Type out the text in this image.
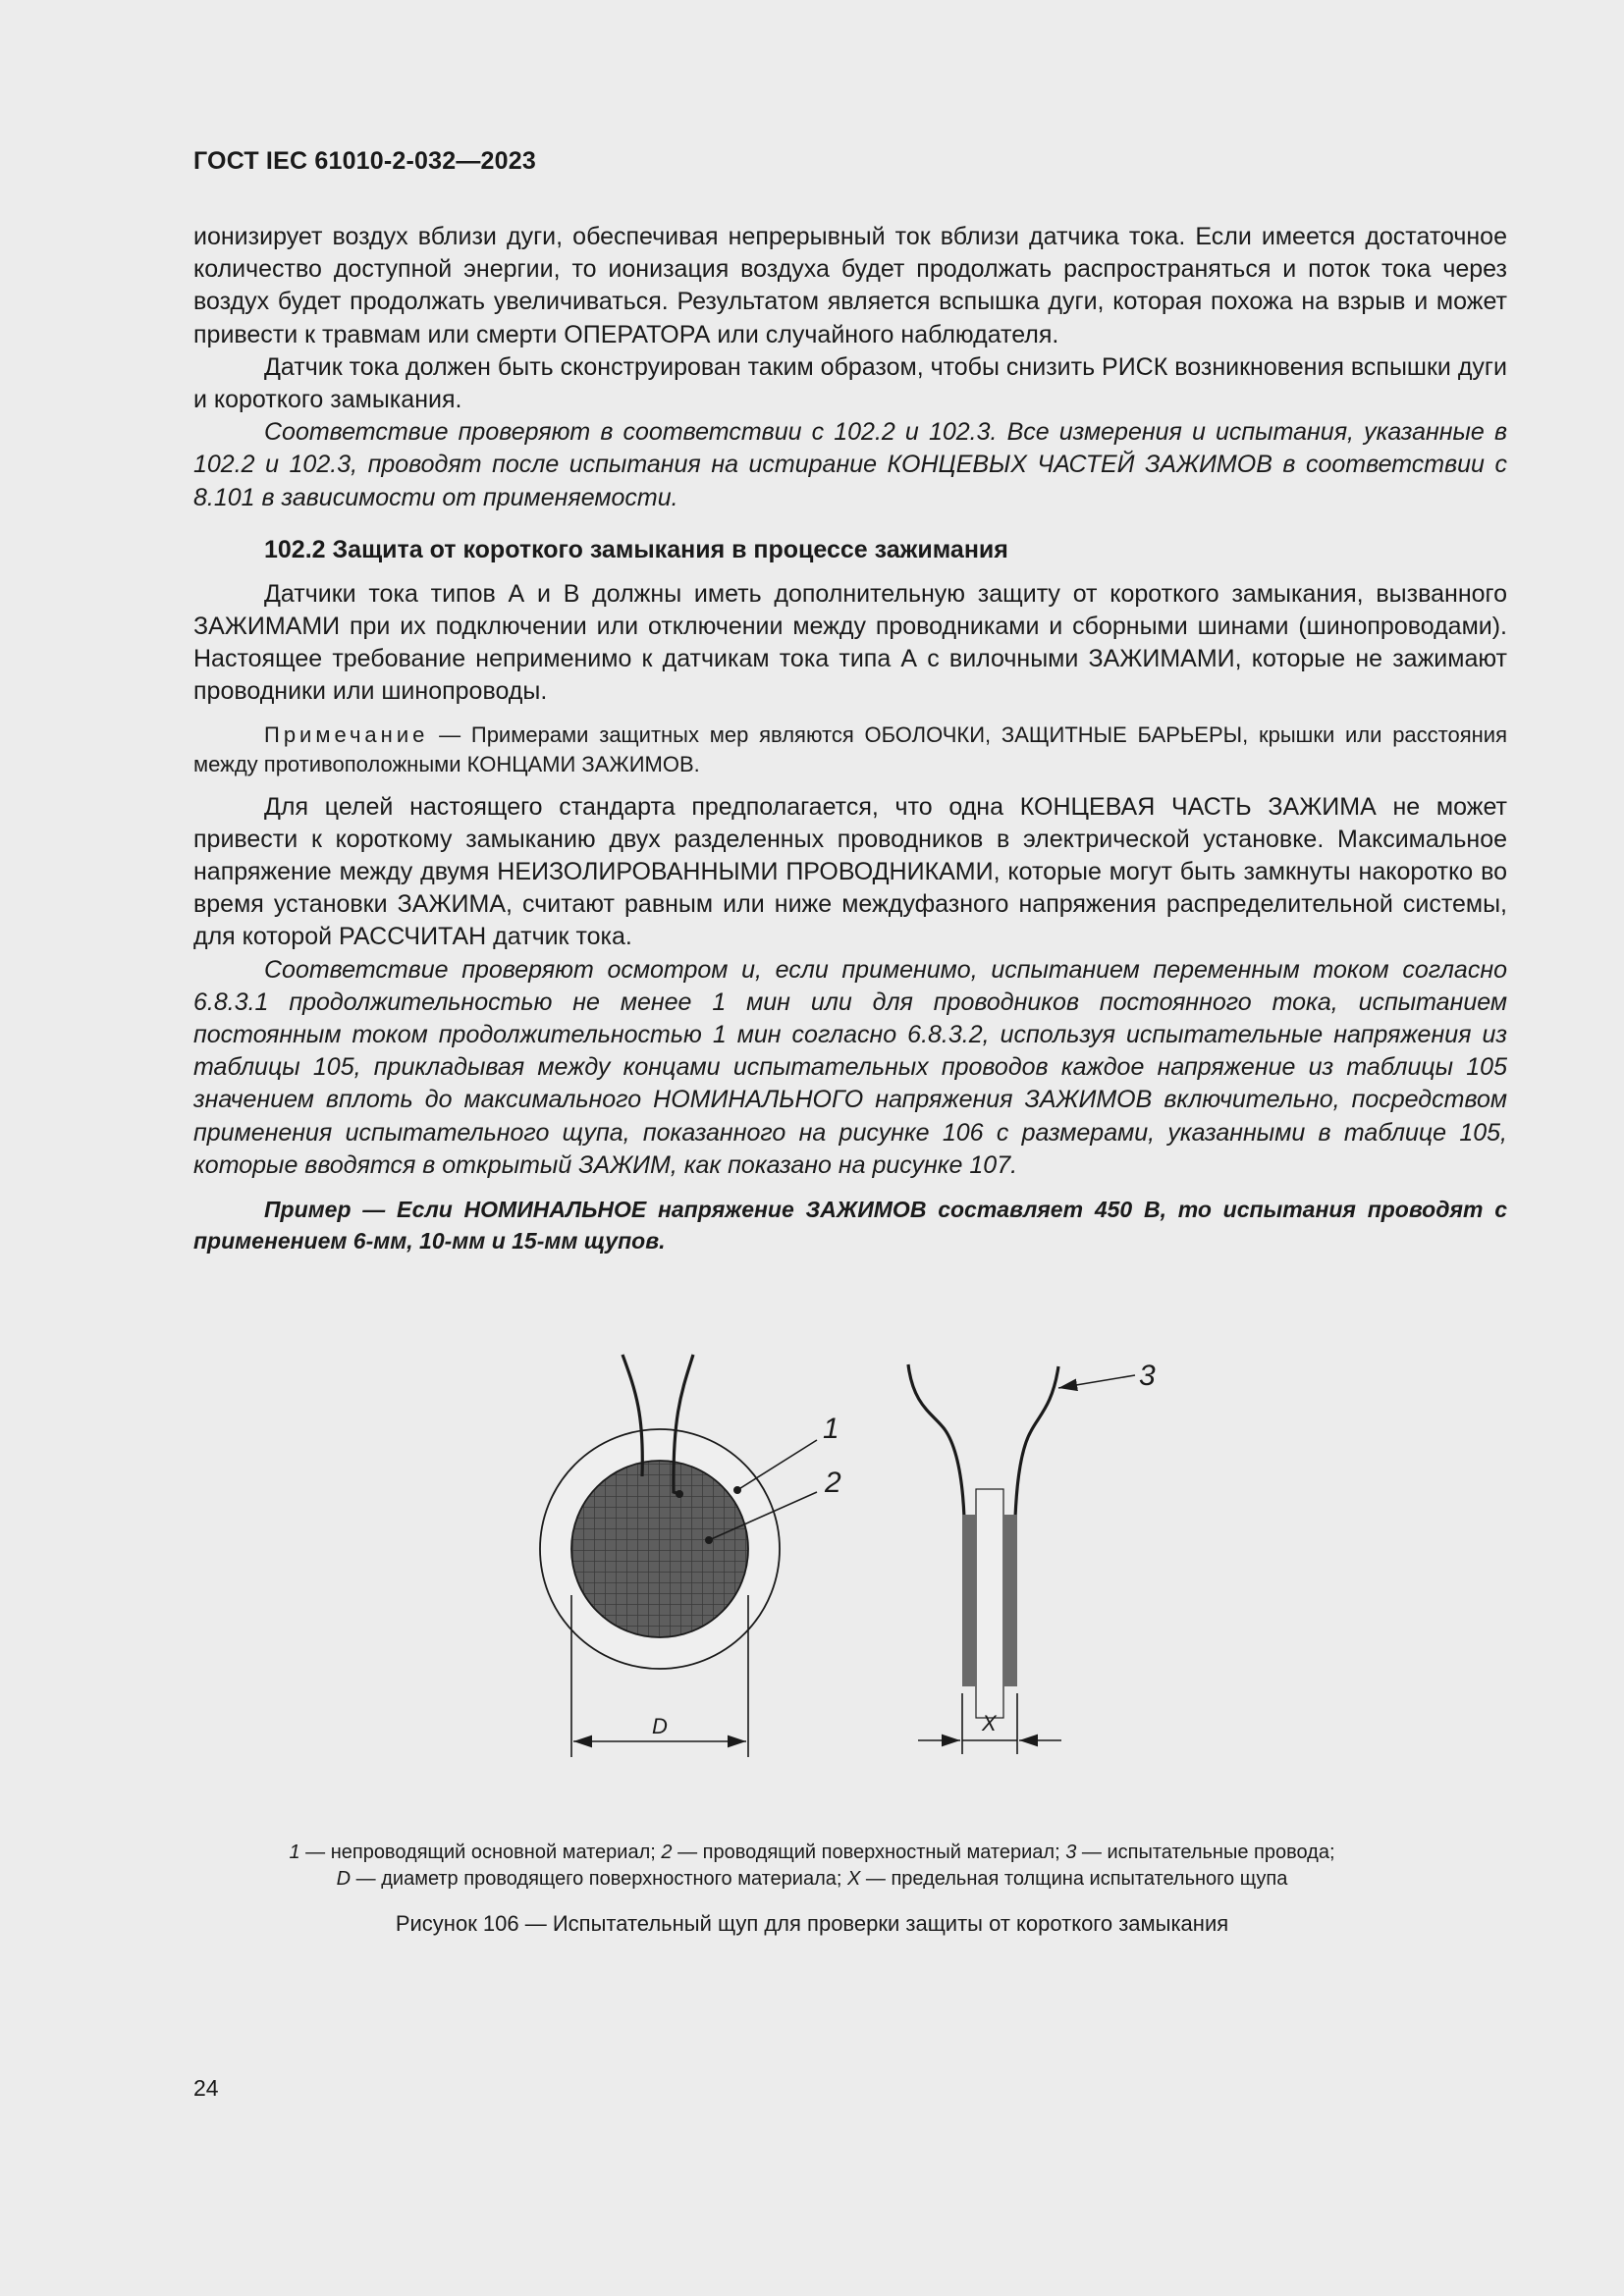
ГОСТ IEC 61010-2-032—2023

ионизирует воздух вблизи дуги, обеспечивая непрерывный ток вблизи датчика тока. Если имеется достаточное количество доступной энергии, то ионизация воздуха будет продолжать распространяться и поток тока через воздух будет продолжать увеличиваться. Результатом является вспышка дуги, которая похожа на взрыв и может привести к травмам или смерти ОПЕРАТОРА или случайного наблюдателя.

Датчик тока должен быть сконструирован таким образом, чтобы снизить РИСК возникновения вспышки дуги и короткого замыкания.

Соответствие проверяют в соответствии с 102.2 и 102.3. Все измерения и испытания, указанные в 102.2 и 102.3, проводят после испытания на истирание КОНЦЕВЫХ ЧАСТЕЙ ЗАЖИМОВ в соответствии с 8.101 в зависимости от применяемости.

102.2 Защита от короткого замыкания в процессе зажимания

Датчики тока типов А и В должны иметь дополнительную защиту от короткого замыкания, вызванного ЗАЖИМАМИ при их подключении или отключении между проводниками и сборными шинами (шинопроводами). Настоящее требование неприменимо к датчикам тока типа А с вилочными ЗАЖИМАМИ, которые не зажимают проводники или шинопроводы.

Примечание — Примерами защитных мер являются ОБОЛОЧКИ, ЗАЩИТНЫЕ БАРЬЕРЫ, крышки или расстояния между противоположными КОНЦАМИ ЗАЖИМОВ.

Для целей настоящего стандарта предполагается, что одна КОНЦЕВАЯ ЧАСТЬ ЗАЖИМА не может привести к короткому замыканию двух разделенных проводников в электрической установке. Максимальное напряжение между двумя НЕИЗОЛИРОВАННЫМИ ПРОВОДНИКАМИ, которые могут быть замкнуты накоротко во время установки ЗАЖИМА, считают равным или ниже междуфазного напряжения распределительной системы, для которой РАССЧИТАН датчик тока.

Соответствие проверяют осмотром и, если применимо, испытанием переменным током согласно 6.8.3.1 продолжительностью не менее 1 мин или для проводников постоянного тока, испытанием постоянным током продолжительностью 1 мин согласно 6.8.3.2, используя испытательные напряжения из таблицы 105, прикладывая между концами испытательных проводов каждое напряжение из таблицы 105 значением вплоть до максимального НОМИНАЛЬНОГО напряжения ЗАЖИМОВ включительно, посредством применения испытательного щупа, показанного на рисунке 106 с размерами, указанными в таблице 105, которые вводятся в открытый ЗАЖИМ, как показано на рисунке 107.

Пример — Если НОМИНАЛЬНОЕ напряжение ЗАЖИМОВ составляет 450 В, то испытания проводят с применением 6-мм, 10-мм и 15-мм щупов.

1
2
D
3
X
1 — непроводящий основной материал; 2 — проводящий поверхностный материал; 3 — испытательные провода;
D — диаметр проводящего поверхностного материала; X — предельная толщина испытательного щупа
Рисунок 106 — Испытательный щуп для проверки защиты от короткого замыкания
24
